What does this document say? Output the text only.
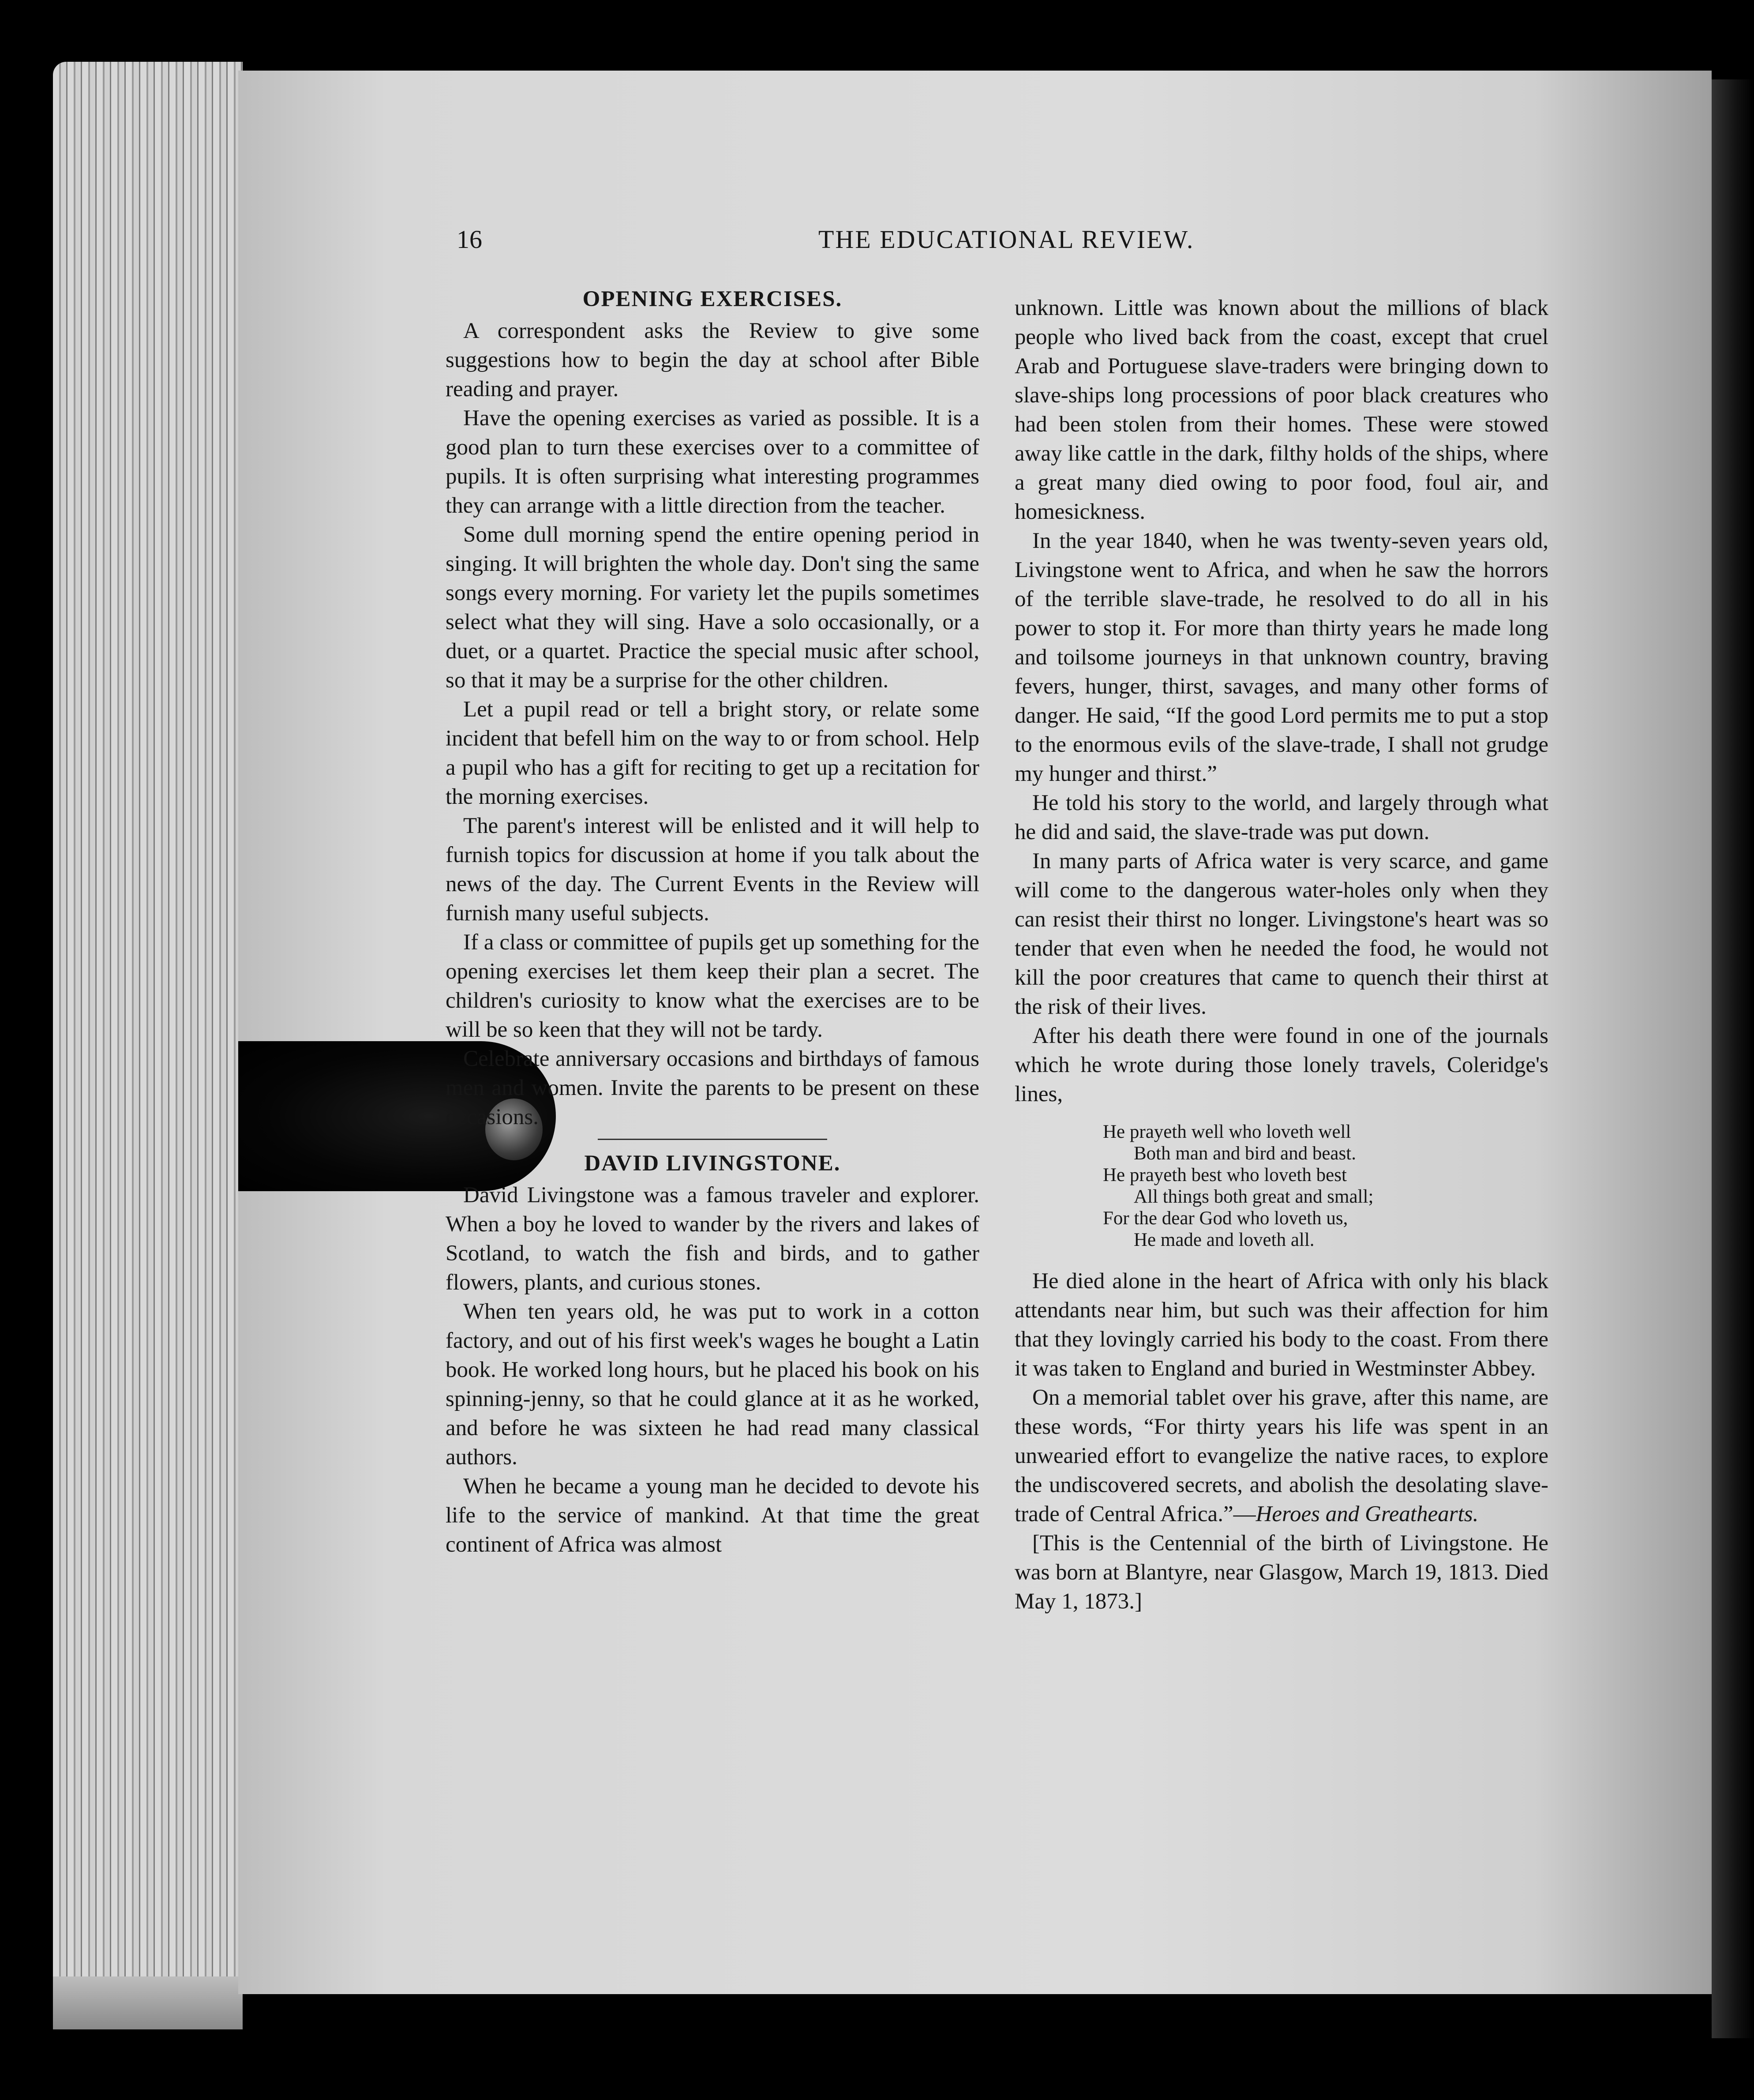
16	THE EDUCATIONAL REVIEW.
OPENING EXERCISES.

A correspondent asks the Review to give some suggestions how to begin the day at school after Bible reading and prayer.

Have the opening exercises as varied as possible. It is a good plan to turn these exercises over to a committee of pupils. It is often surprising what interesting programmes they can arrange with a little direction from the teacher.

Some dull morning spend the entire opening period in singing. It will brighten the whole day. Don't sing the same songs every morning. For variety let the pupils sometimes select what they will sing. Have a solo occasionally, or a duet, or a quartet. Practice the special music after school, so that it may be a surprise for the other children.

Let a pupil read or tell a bright story, or relate some incident that befell him on the way to or from school. Help a pupil who has a gift for reciting to get up a recitation for the morning exercises.

The parent's interest will be enlisted and it will help to furnish topics for discussion at home if you talk about the news of the day. The Current Events in the Review will furnish many useful subjects.

If a class or committee of pupils get up something for the opening exercises let them keep their plan a secret. The children's curiosity to know what the exercises are to be will be so keen that they will not be tardy.

Celebrate anniversary occasions and birthdays of famous men and women. Invite the parents to be present on these occasions.

DAVID LIVINGSTONE.

David Livingstone was a famous traveler and explorer. When a boy he loved to wander by the rivers and lakes of Scotland, to watch the fish and birds, and to gather flowers, plants, and curious stones.

When ten years old, he was put to work in a cotton factory, and out of his first week's wages he bought a Latin book. He worked long hours, but he placed his book on his spinning-jenny, so that he could glance at it as he worked, and before he was sixteen he had read many classical authors.

When he became a young man he decided to devote his life to the service of mankind. At that time the great continent of Africa was almost

unknown. Little was known about the millions of black people who lived back from the coast, except that cruel Arab and Portuguese slave-traders were bringing down to slave-ships long processions of poor black creatures who had been stolen from their homes. These were stowed away like cattle in the dark, filthy holds of the ships, where a great many died owing to poor food, foul air, and homesickness.

In the year 1840, when he was twenty-seven years old, Livingstone went to Africa, and when he saw the horrors of the terrible slave-trade, he resolved to do all in his power to stop it. For more than thirty years he made long and toilsome journeys in that unknown country, braving fevers, hunger, thirst, savages, and many other forms of danger. He said, “If the good Lord permits me to put a stop to the enormous evils of the slave-trade, I shall not grudge my hunger and thirst.”

He told his story to the world, and largely through what he did and said, the slave-trade was put down.

In many parts of Africa water is very scarce, and game will come to the dangerous water-holes only when they can resist their thirst no longer. Livingstone's heart was so tender that even when he needed the food, he would not kill the poor creatures that came to quench their thirst at the risk of their lives.

After his death there were found in one of the journals which he wrote during those lonely travels, Coleridge's lines,

He prayeth well who loveth well
Both man and bird and beast.
He prayeth best who loveth best
All things both great and small;
For the dear God who loveth us,
He made and loveth all.

He died alone in the heart of Africa with only his black attendants near him, but such was their affection for him that they lovingly carried his body to the coast. From there it was taken to England and buried in Westminster Abbey.

On a memorial tablet over his grave, after this name, are these words, “For thirty years his life was spent in an unwearied effort to evangelize the native races, to explore the undiscovered secrets, and abolish the desolating slave-trade of Central Africa.”—Heroes and Greathearts.

[This is the Centennial of the birth of Livingstone. He was born at Blantyre, near Glasgow, March 19, 1813. Died May 1, 1873.]
